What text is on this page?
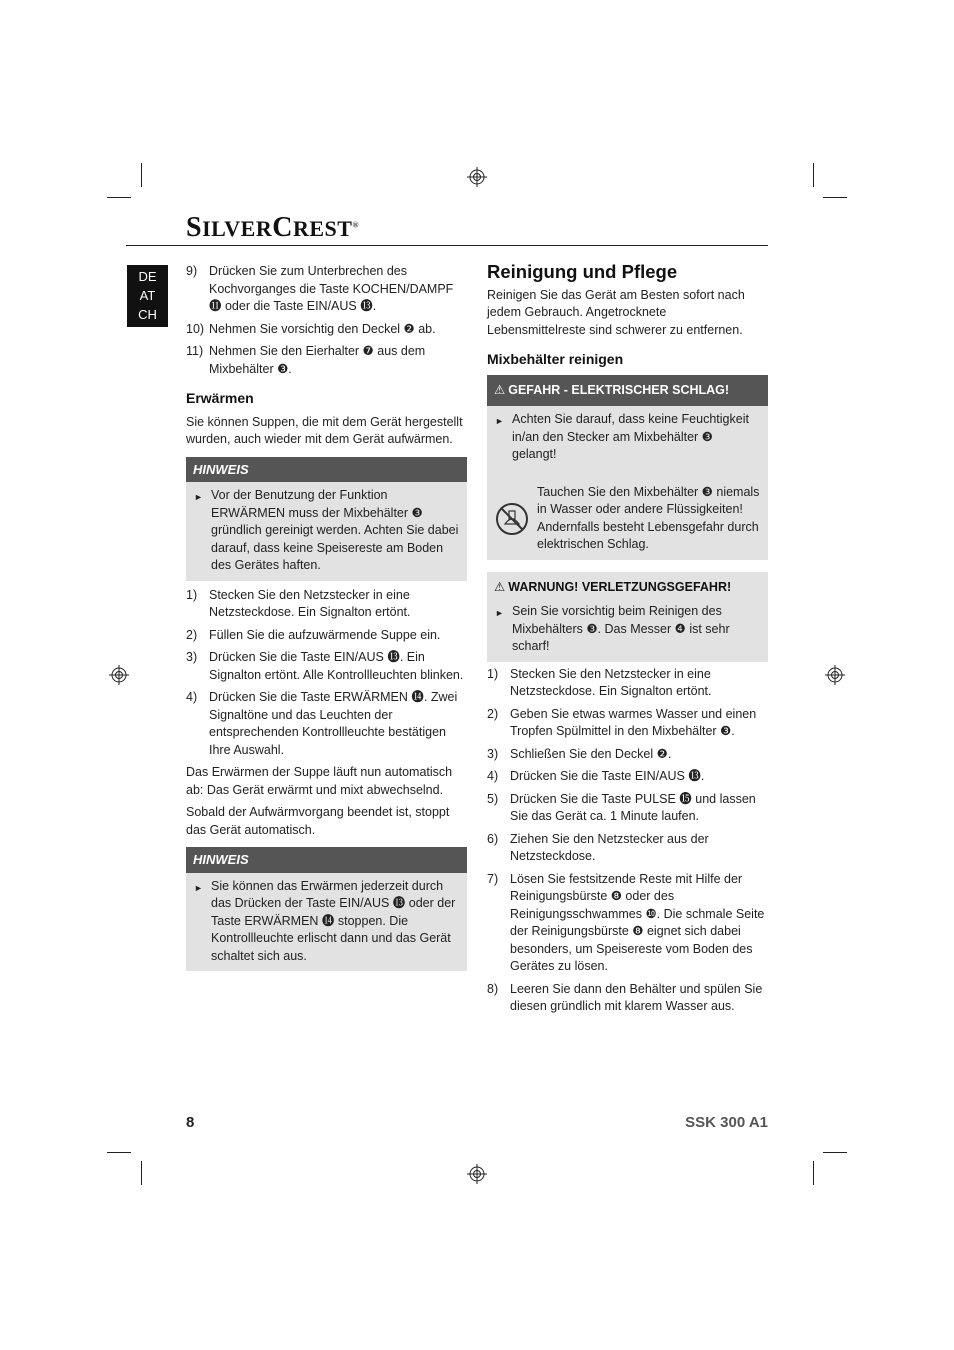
SILVERCREST®
DE
AT
CH
9) Drücken Sie zum Unterbrechen des Kochvorganges die Taste KOCHEN/DAMPF ⓫ oder die Taste EIN/AUS ⓭.
10) Nehmen Sie vorsichtig den Deckel ❷ ab.
11) Nehmen Sie den Eierhalter ❼ aus dem Mixbehälter ❸.
Erwärmen

Sie können Suppen, die mit dem Gerät hergestellt wurden, auch wieder mit dem Gerät aufwärmen.

HINWEIS
► Vor der Benutzung der Funktion ERWÄRMEN muss der Mixbehälter ❸ gründlich gereinigt werden. Achten Sie dabei darauf, dass keine Speisereste am Boden des Gerätes haften.
1) Stecken Sie den Netzstecker in eine Netzsteckdose. Ein Signalton ertönt.
2) Füllen Sie die aufzuwärmende Suppe ein.
3) Drücken Sie die Taste EIN/AUS ⓭. Ein Signalton ertönt. Alle Kontrollleuchten blinken.
4) Drücken Sie die Taste ERWÄRMEN ⓮. Zwei Signaltöne und das Leuchten der entsprechenden Kontrollleuchte bestätigen Ihre Auswahl.

Das Erwärmen der Suppe läuft nun automatisch ab: Das Gerät erwärmt und mixt abwechselnd.

Sobald der Aufwärmvorgang beendet ist, stoppt das Gerät automatisch.

HINWEIS
► Sie können das Erwärmen jederzeit durch das Drücken der Taste EIN/AUS ⓭ oder der Taste ERWÄRMEN ⓮ stoppen. Die Kontrollleuchte erlischt dann und das Gerät schaltet sich aus.
Reinigung und Pflege

Reinigen Sie das Gerät am Besten sofort nach jedem Gebrauch. Angetrocknete Lebensmittelreste sind schwerer zu entfernen.

Mixbehälter reinigen
⚠ GEFAHR - ELEKTRISCHER SCHLAG!
► Achten Sie darauf, dass keine Feuchtigkeit in/an den Stecker am Mixbehälter ❸ gelangt!
Tauchen Sie den Mixbehälter ❸ niemals in Wasser oder andere Flüssigkeiten! Andernfalls besteht Lebensgefahr durch elektrischen Schlag.
⚠ WARNUNG! VERLETZUNGSGEFAHR!
► Sein Sie vorsichtig beim Reinigen des Mixbehälters ❸. Das Messer ❹ ist sehr scharf!
1) Stecken Sie den Netzstecker in eine Netzsteckdose. Ein Signalton ertönt.
2) Geben Sie etwas warmes Wasser und einen Tropfen Spülmittel in den Mixbehälter ❸.
3) Schließen Sie den Deckel ❷.
4) Drücken Sie die Taste EIN/AUS ⓭.
5) Drücken Sie die Taste PULSE ⓯ und lassen Sie das Gerät ca. 1 Minute laufen.
6) Ziehen Sie den Netzstecker aus der Netzsteckdose.
7) Lösen Sie festsitzende Reste mit Hilfe der Reinigungsbürste ❽ oder des Reinigungsschwammes ❿. Die schmale Seite der Reinigungsbürste ❽ eignet sich dabei besonders, um Speisereste vom Boden des Gerätes zu lösen.
8) Leeren Sie dann den Behälter und spülen Sie diesen gründlich mit klarem Wasser aus.
8	SSK 300 A1
